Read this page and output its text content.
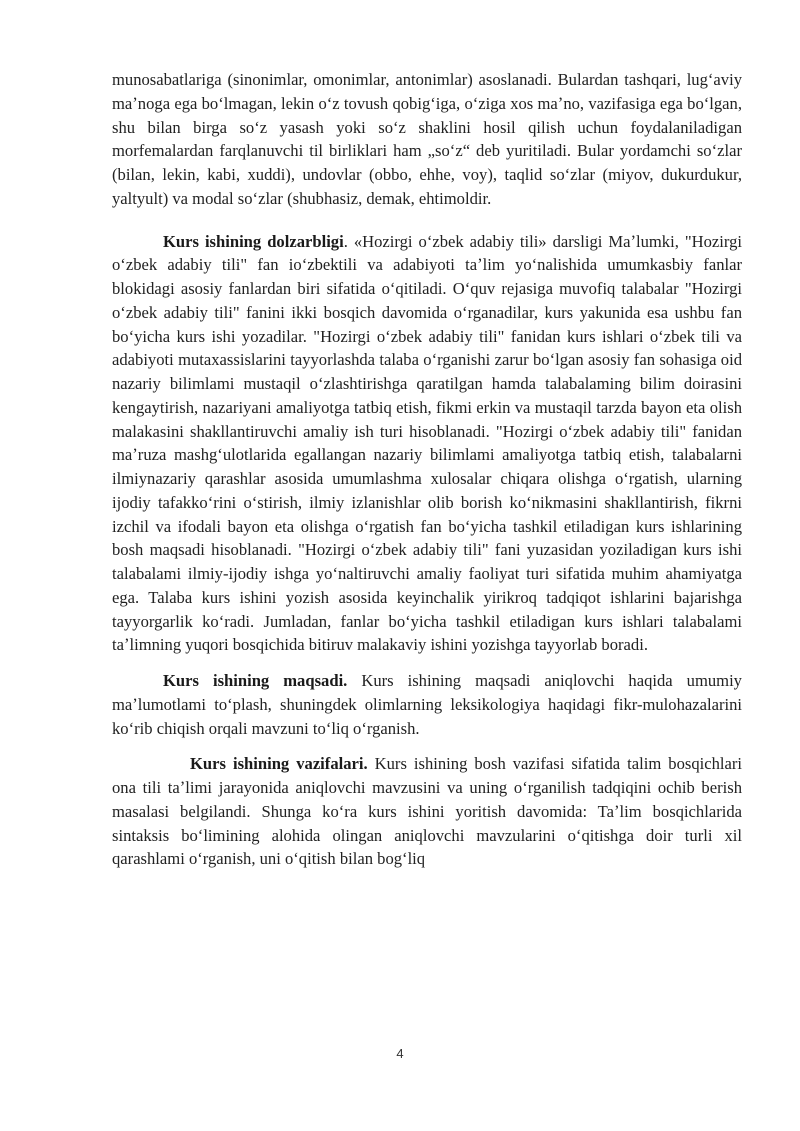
munosabatlariga (sinonimlar, omonimlar, antonimlar) asoslanadi. Bulardan tashqari, lugʻaviy maʼnoga ega boʻlmagan, lekin oʻz tovush qobigʻiga, oʻziga xos maʼno, vazifasiga ega boʻlgan, shu bilan birga soʻz yasash yoki soʻz shaklini hosil qilish uchun foydalaniladigan morfemalardan farqlanuvchi til birliklari ham „soʻz“ deb yuritiladi. Bular yordamchi soʻzlar (bilan, lekin, kabi, xuddi), undovlar (obbo, ehhe, voy), taqlid soʻzlar (miyov, dukurdukur, yaltyult) va modal soʻzlar (shubhasiz, demak, ehtimoldir.

Kurs ishining dolzarbligi. «Hozirgi oʻzbek adabiy tili» darsligi Maʼlumki, "Hozirgi oʻzbek adabiy tili" fan ioʻzbektili va adabiyoti taʼlim yoʻnalishida umumkasbiy fanlar blokidagi asosiy fanlardan biri sifatida oʻqitiladi. Oʻquv rejasiga muvofiq talabalar "Hozirgi oʻzbek adabiy tili" fanini ikki bosqich davomida oʻrganadilar, kurs yakunida esa ushbu fan boʻyicha kurs ishi yozadilar. "Hozirgi oʻzbek adabiy tili" fanidan kurs ishlari oʻzbek tili va adabiyoti mutaxassislarini tayyorlashda talaba oʻrganishi zarur boʻlgan asosiy fan sohasiga oid nazariy bilimlami mustaqil oʻzlashtirishga qaratilgan hamda talabalaming bilim doirasini kengaytirish, nazariyani amaliyotga tatbiq etish, fikmi erkin va mustaqil tarzda bayon eta olish malakasini shakllantiruvchi amaliy ish turi hisoblanadi. "Hozirgi oʻzbek adabiy tili" fanidan maʼruza mashgʻulotlarida egallangan nazariy bilimlami amaliyotga tatbiq etish, talabalarni ilmiynazariy qarashlar asosida umumlashma xulosalar chiqara olishga oʻrgatish, ularning ijodiy tafakkoʻrini oʻstirish, ilmiy izlanishlar olib borish koʻnikmasini shakllantirish, fikrni izchil va ifodali bayon eta olishga oʻrgatish fan boʻyicha tashkil etiladigan kurs ishlarining bosh maqsadi hisoblanadi. "Hozirgi oʻzbek adabiy tili" fani yuzasidan yoziladigan kurs ishi talabalami ilmiy-ijodiy ishga yoʻnaltiruvchi amaliy faoliyat turi sifatida muhim ahamiyatga ega. Talaba kurs ishini yozish asosida keyinchalik yirikroq tadqiqot ishlarini bajarishga tayyorgarlik koʻradi. Jumladan, fanlar boʻyicha tashkil etiladigan kurs ishlari talabalami taʼlimning yuqori bosqichida bitiruv malakaviy ishini yozishga tayyorlab boradi.

Kurs ishining maqsadi. Kurs ishining maqsadi aniqlovchi haqida umumiy maʼlumotlami toʻplash, shuningdek olimlarning leksikologiya haqidagi fikr-mulohazalarini koʻrib chiqish orqali mavzuni toʻliq oʻrganish.

Kurs ishining vazifalari. Kurs ishining bosh vazifasi sifatida talim bosqichlari ona tili taʼlimi jarayonida aniqlovchi mavzusini va uning oʻrganilish tadqiqini ochib berish masalasi belgilandi. Shunga koʻra kurs ishini yoritish davomida: Taʼlim bosqichlarida sintaksis boʻlimining alohida olingan aniqlovchi mavzularini oʻqitishga doir turli xil qarashlami oʻrganish, uni oʻqitish bilan bogʻliq

4
